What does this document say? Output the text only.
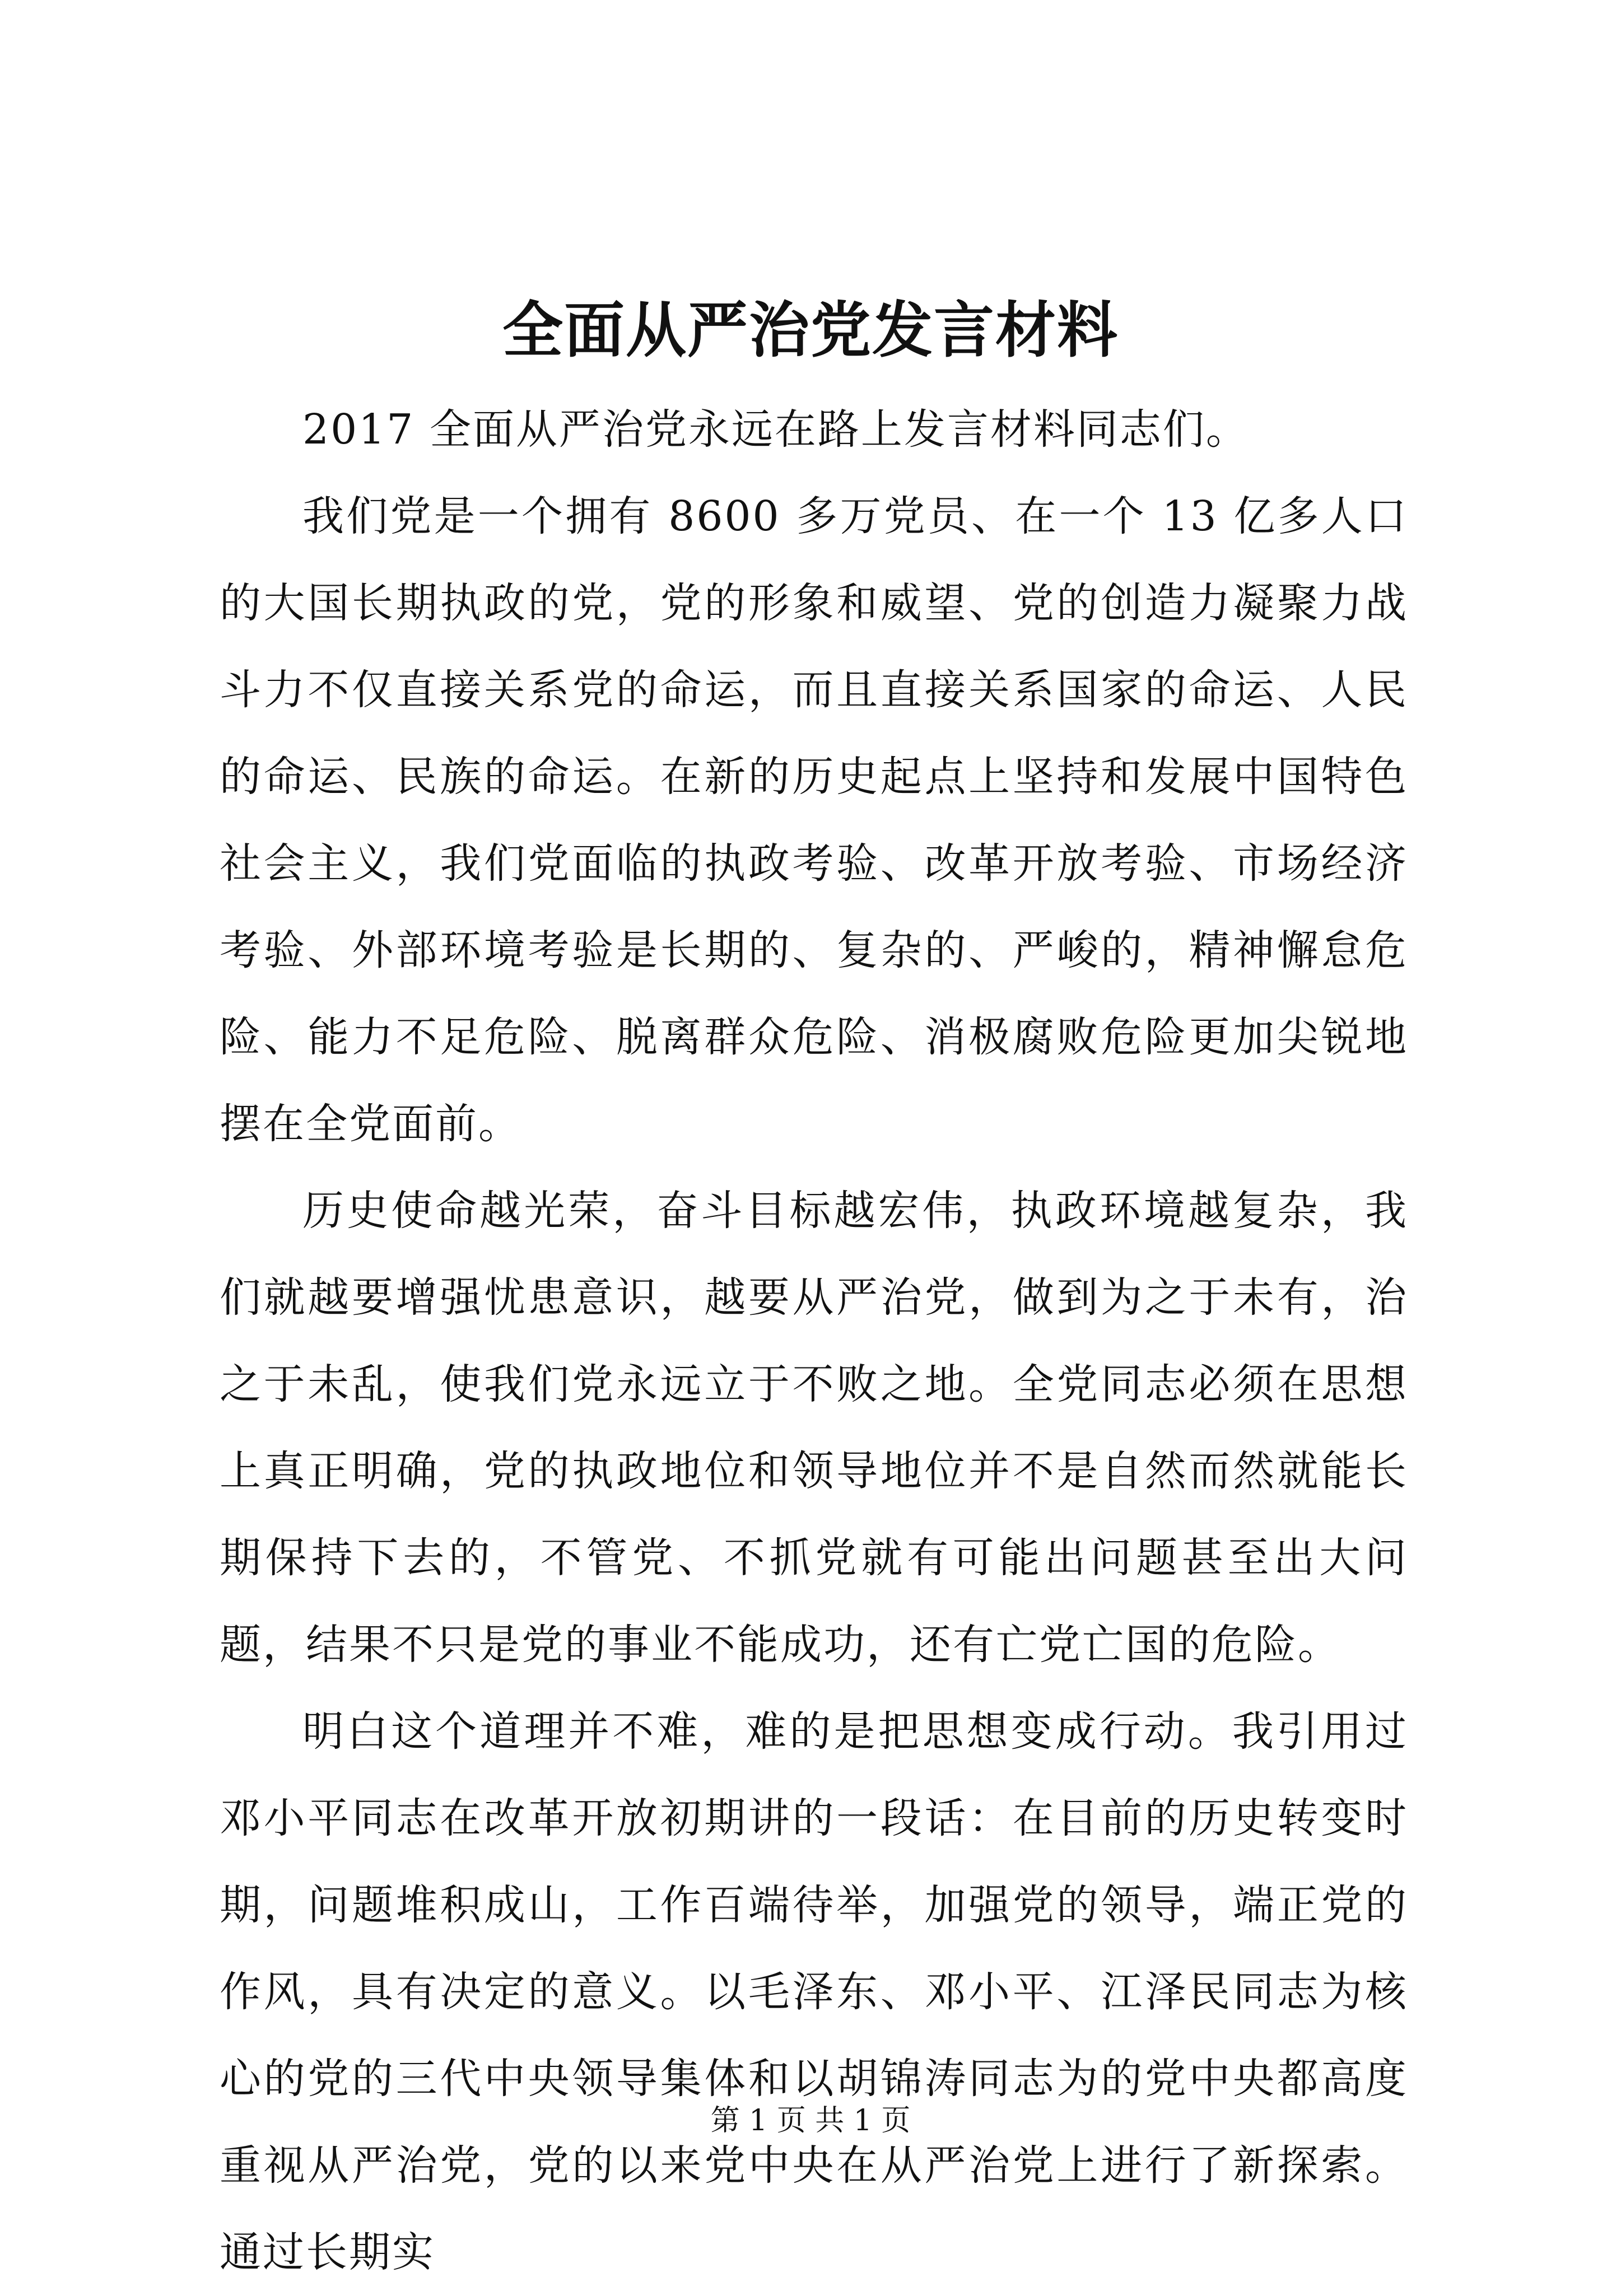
全面从严治党发言材料

2017 全面从严治党永远在路上发言材料同志们。

我们党是一个拥有 8600 多万党员、在一个 13 亿多人口的大国长期执政的党，党的形象和威望、党的创造力凝聚力战斗力不仅直接关系党的命运，而且直接关系国家的命运、人民的命运、民族的命运。在新的历史起点上坚持和发展中国特色社会主义，我们党面临的执政考验、改革开放考验、市场经济考验、外部环境考验是长期的、复杂的、严峻的，精神懈怠危险、能力不足危险、脱离群众危险、消极腐败危险更加尖锐地摆在全党面前。

历史使命越光荣，奋斗目标越宏伟，执政环境越复杂，我们就越要增强忧患意识，越要从严治党，做到为之于未有，治之于未乱，使我们党永远立于不败之地。全党同志必须在思想上真正明确，党的执政地位和领导地位并不是自然而然就能长期保持下去的，不管党、不抓党就有可能出问题甚至出大问题，结果不只是党的事业不能成功，还有亡党亡国的危险。

明白这个道理并不难，难的是把思想变成行动。我引用过邓小平同志在改革开放初期讲的一段话：在目前的历史转变时期，问题堆积成山，工作百端待举，加强党的领导，端正党的作风，具有决定的意义。以毛泽东、邓小平、江泽民同志为核心的党的三代中央领导集体和以胡锦涛同志为的党中央都高度重视从严治党，党的以来党中央在从严治党上进行了新探索。通过长期实

第 1 页 共 1 页
